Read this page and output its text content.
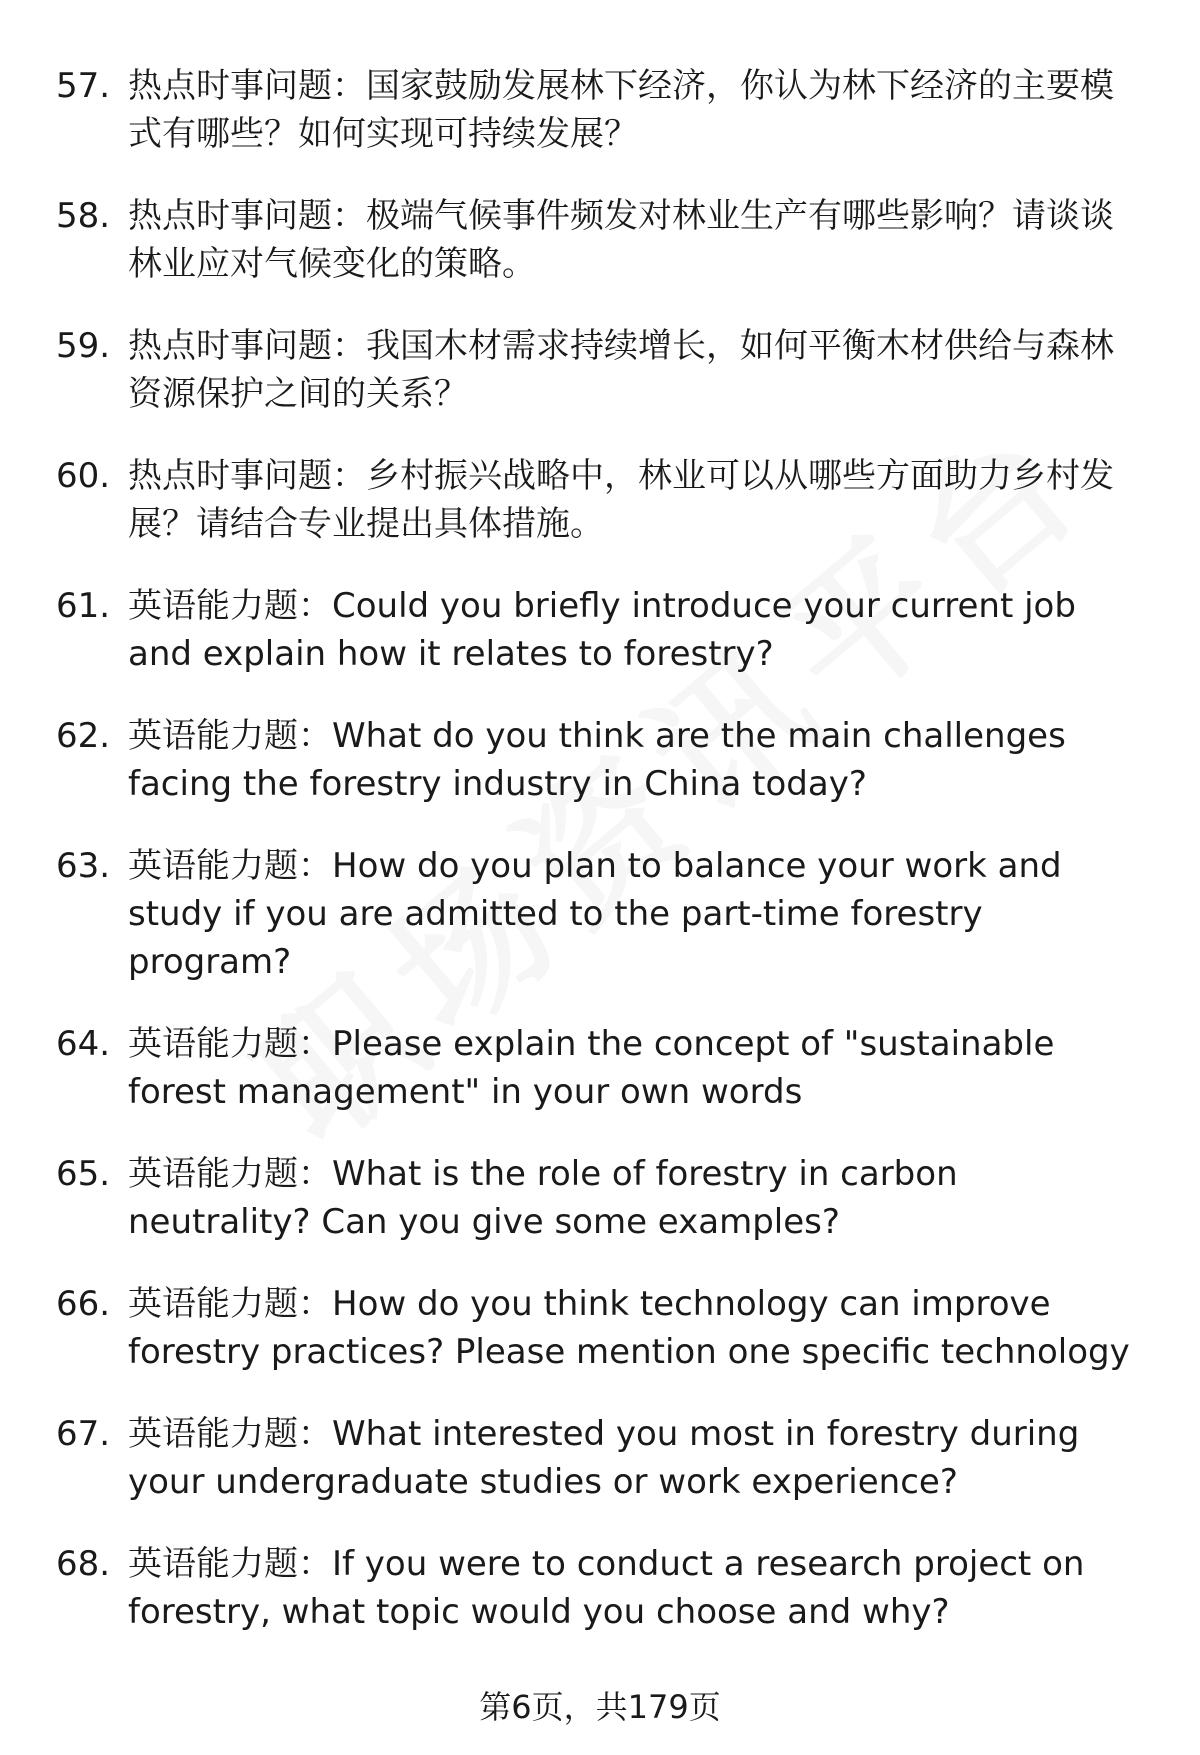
57. 热点时事问题：国家鼓励发展林下经济，你认为林下经济的主要模式有哪些？如何实现可持续发展？
58. 热点时事问题：极端气候事件频发对林业生产有哪些影响？请谈谈林业应对气候变化的策略。
59. 热点时事问题：我国木材需求持续增长，如何平衡木材供给与森林资源保护之间的关系？
60. 热点时事问题：乡村振兴战略中，林业可以从哪些方面助力乡村发展？请结合专业提出具体措施。
61. 英语能力题：Could you briefly introduce your current job and explain how it relates to forestry?
62. 英语能力题：What do you think are the main challenges facing the forestry industry in China today?
63. 英语能力题：How do you plan to balance your work and study if you are admitted to the part-time forestry program?
64. 英语能力题：Please explain the concept of "sustainable forest management" in your own words
65. 英语能力题：What is the role of forestry in carbon neutrality? Can you give some examples?
66. 英语能力题：How do you think technology can improve forestry practices? Please mention one specific technology
67. 英语能力题：What interested you most in forestry during your undergraduate studies or work experience?
68. 英语能力题：If you were to conduct a research project on forestry, what topic would you choose and why?
第6页，共179页
